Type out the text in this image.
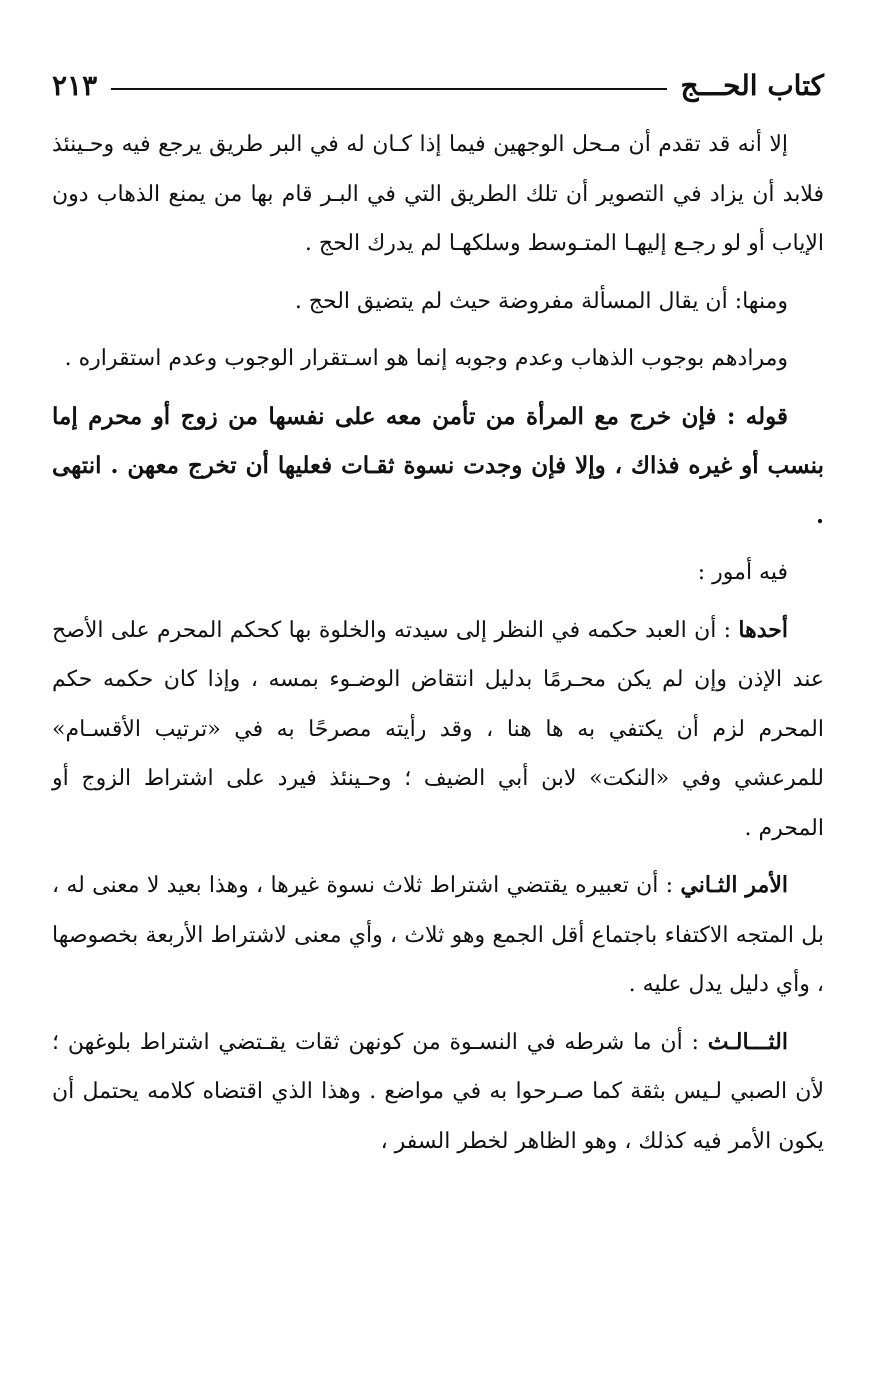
كتاب الحـــج
٢١٣

إلا أنه قد تقدم أن مـحل الوجهين فيما إذا كـان له في البر طريق يرجع فيه وحـينئذ فلابد أن يزاد في التصوير أن تلك الطريق التي في البـر قام بها من يمنع الذهاب دون الإياب أو لو رجـع إليهـا المتـوسط وسلكهـا لم يدرك الحج .

ومنها: أن يقال المسألة مفروضة حيث لم يتضيق الحج .

ومرادهم بوجوب الذهاب وعدم وجوبه إنما هو اسـتقرار الوجوب وعدم استقراره .

قوله : فإن خرج مع المرأة من تأمن معه على نفسها من زوج أو محرم إما بنسب أو غيره فذاك ، وإلا فإن وجدت نسوة ثقـات فعليها أن تخرج معهن . انتهى .

فيه أمور :

أحدها : أن العبد حكمه في النظر إلى سيدته والخلوة بها كحكم المحرم على الأصح عند الإذن وإن لم يكن محـرمًا بدليل انتقاض الوضـوء بمسه ، وإذا كان حكمه حكم المحرم لزم أن يكتفي به ها هنا ، وقد رأيته مصرحًا به في «ترتيب الأقسـام» للمرعشي وفي «النكت» لابن أبي الضيف ؛ وحـينئذ فيرد على اشتراط الزوج أو المحرم .

الأمر الثـاني : أن تعبيره يقتضي اشتراط ثلاث نسوة غيرها ، وهذا بعيد لا معنى له ، بل المتجه الاكتفاء باجتماع أقل الجمع وهو ثلاث ، وأي معنى لاشتراط الأربعة بخصوصها ، وأي دليل يدل عليه .

الثـــالـث : أن ما شرطه في النسـوة من كونهن ثقات يقـتضي اشتراط بلوغهن ؛ لأن الصبي لـيس بثقة كما صـرحوا به في مواضع . وهذا الذي اقتضاه كلامه يحتمل أن يكون الأمر فيه كذلك ، وهو الظاهر لخطر السفر ،
